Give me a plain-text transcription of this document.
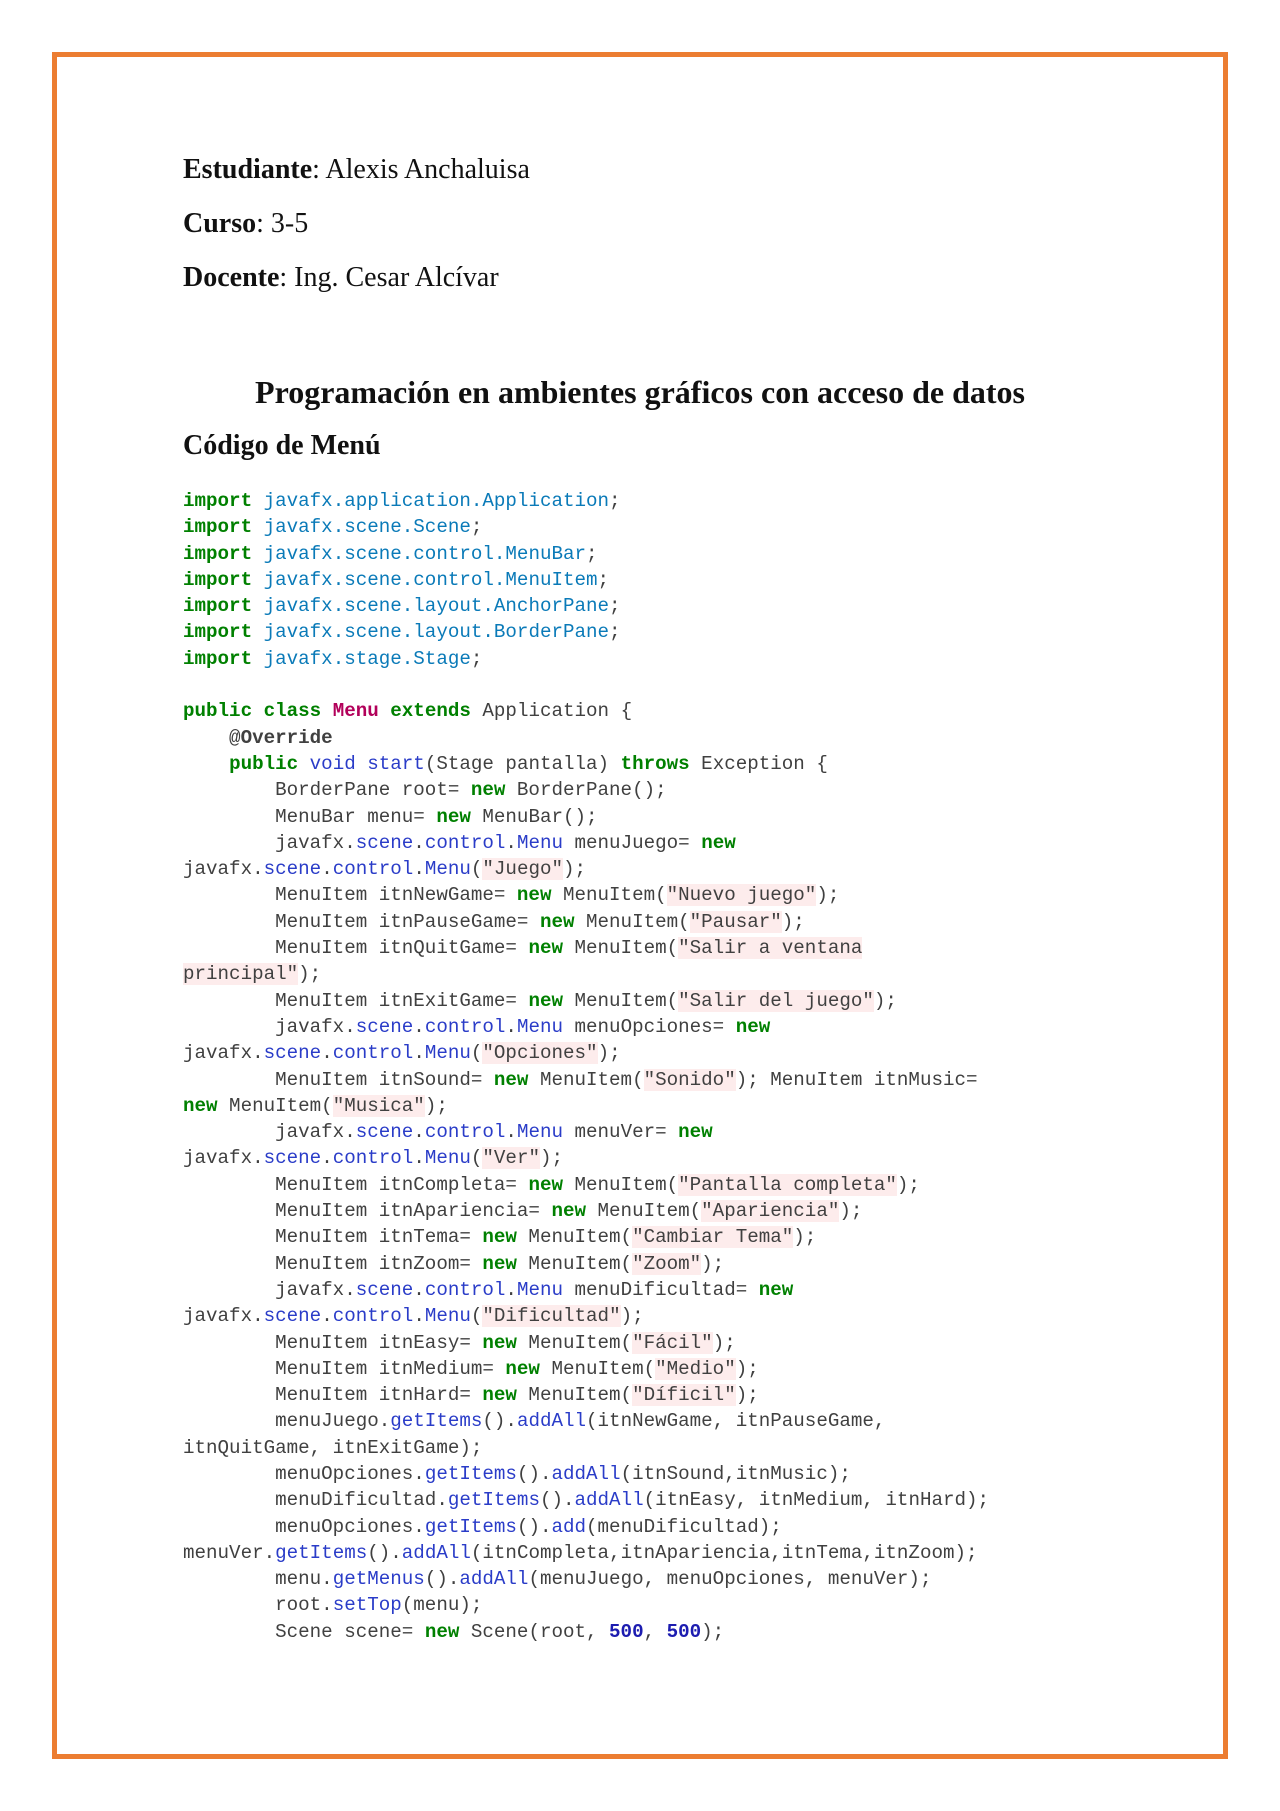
Estudiante: Alexis Anchaluisa
Curso: 3-5
Docente: Ing. Cesar Alcívar
Programación en ambientes gráficos con acceso de datos
Código de Menú
import javafx.application.Application;
import javafx.scene.Scene;
import javafx.scene.control.MenuBar;
import javafx.scene.control.MenuItem;
import javafx.scene.layout.AnchorPane;
import javafx.scene.layout.BorderPane;
import javafx.stage.Stage;
public class Menu extends Application {
@Override
public void start(Stage pantalla) throws Exception {
BorderPane root= new BorderPane();
MenuBar menu= new MenuBar();
javafx.scene.control.Menu menuJuego= new
javafx.scene.control.Menu("Juego");
MenuItem itnNewGame= new MenuItem("Nuevo juego");
MenuItem itnPauseGame= new MenuItem("Pausar");
MenuItem itnQuitGame= new MenuItem("Salir a ventana
principal");
MenuItem itnExitGame= new MenuItem("Salir del juego");
javafx.scene.control.Menu menuOpciones= new
javafx.scene.control.Menu("Opciones");
MenuItem itnSound= new MenuItem("Sonido"); MenuItem itnMusic=
new MenuItem("Musica");
javafx.scene.control.Menu menuVer= new
javafx.scene.control.Menu("Ver");
MenuItem itnCompleta= new MenuItem("Pantalla completa");
MenuItem itnApariencia= new MenuItem("Apariencia");
MenuItem itnTema= new MenuItem("Cambiar Tema");
MenuItem itnZoom= new MenuItem("Zoom");
javafx.scene.control.Menu menuDificultad= new
javafx.scene.control.Menu("Dificultad");
MenuItem itnEasy= new MenuItem("Fácil");
MenuItem itnMedium= new MenuItem("Medio");
MenuItem itnHard= new MenuItem("Díficil");
menuJuego.getItems().addAll(itnNewGame, itnPauseGame,
itnQuitGame, itnExitGame);
menuOpciones.getItems().addAll(itnSound,itnMusic);
menuDificultad.getItems().addAll(itnEasy, itnMedium, itnHard);
menuOpciones.getItems().add(menuDificultad);
menuVer.getItems().addAll(itnCompleta,itnApariencia,itnTema,itnZoom);
menu.getMenus().addAll(menuJuego, menuOpciones, menuVer);
root.setTop(menu);
Scene scene= new Scene(root, 500, 500);
